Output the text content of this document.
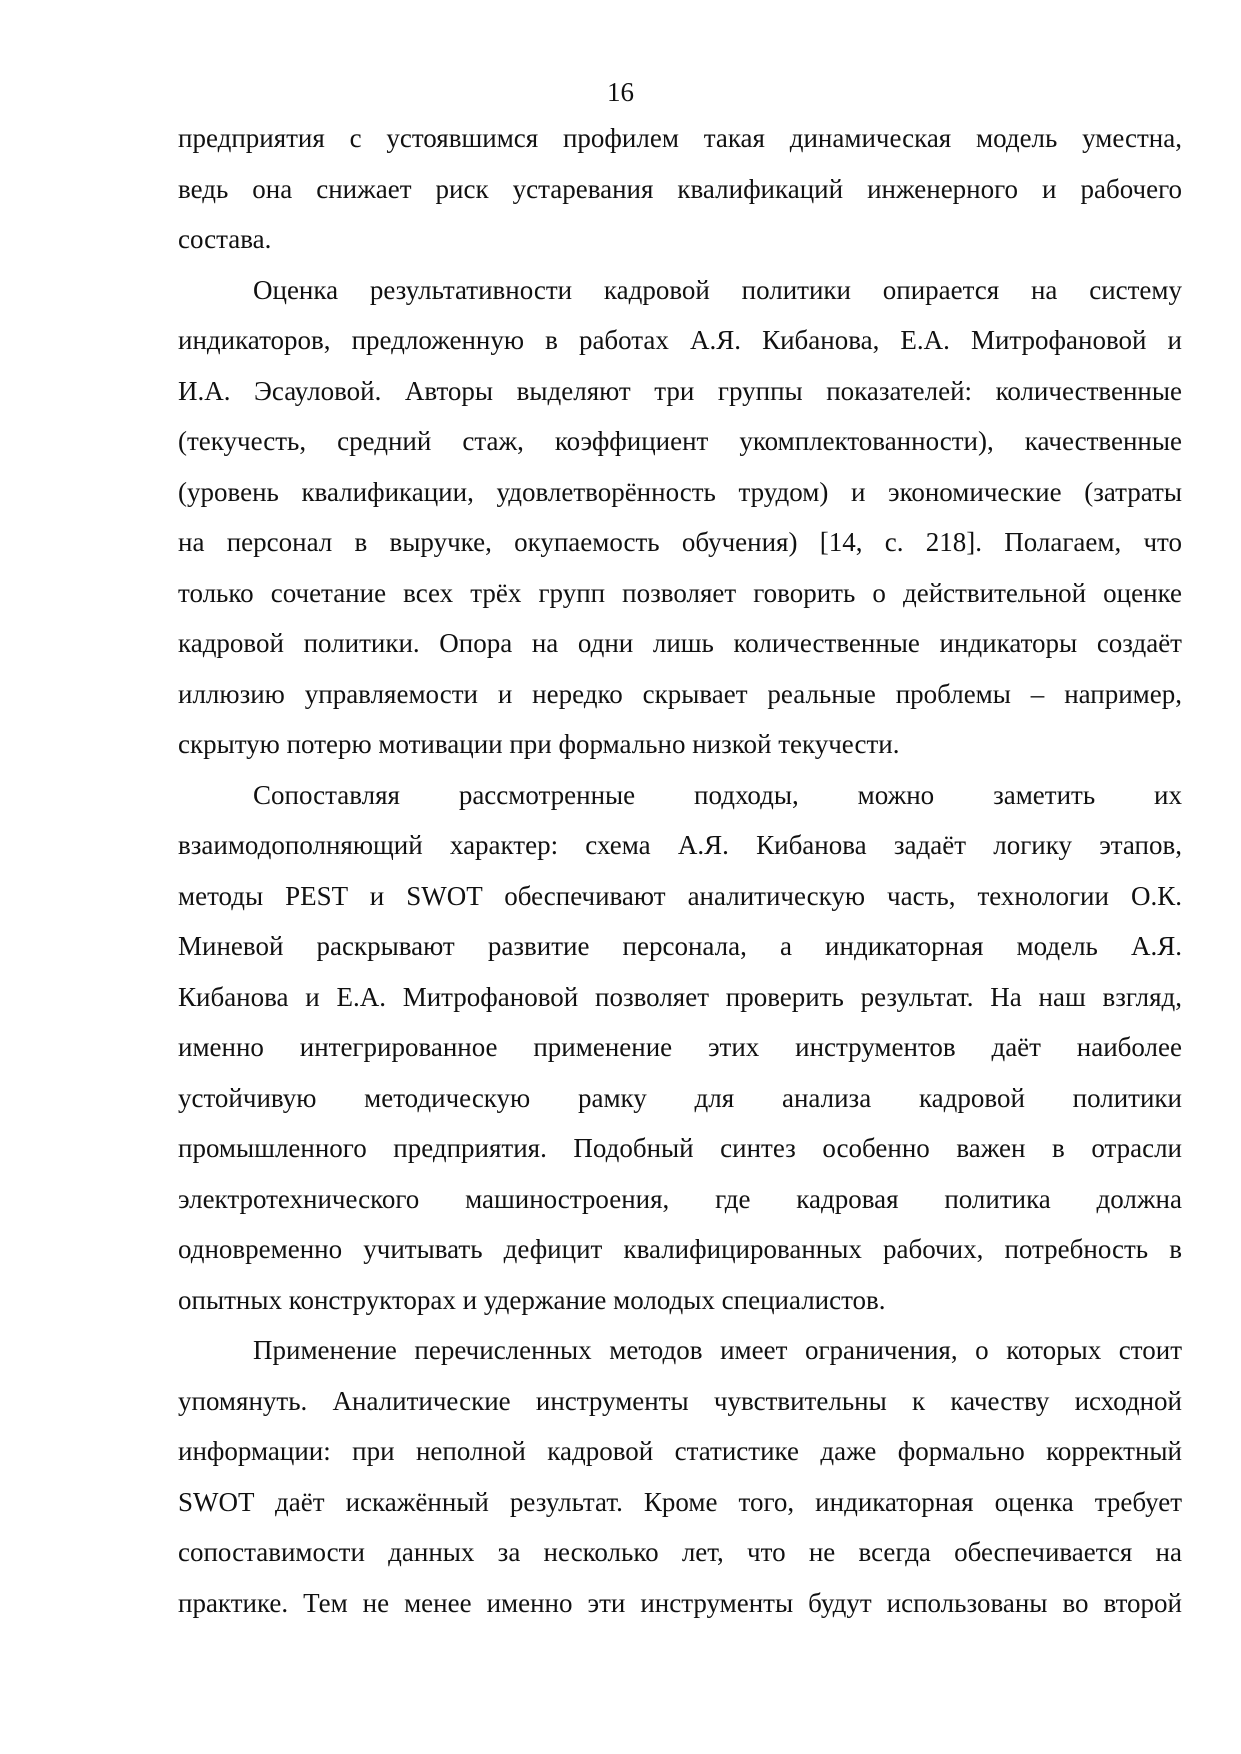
16
предприятия с устоявшимся профилем такая динамическая модель уместна,
ведь она снижает риск устаревания квалификаций инженерного и рабочего
состава.
Оценка результативности кадровой политики опирается на систему
индикаторов, предложенную в работах А.Я. Кибанова, Е.А. Митрофановой и
И.А. Эсауловой. Авторы выделяют три группы показателей: количественные
(текучесть, средний стаж, коэффициент укомплектованности), качественные
(уровень квалификации, удовлетворённость трудом) и экономические (затраты
на персонал в выручке, окупаемость обучения) [14, с. 218]. Полагаем, что
только сочетание всех трёх групп позволяет говорить о действительной оценке
кадровой политики. Опора на одни лишь количественные индикаторы создаёт
иллюзию управляемости и нередко скрывает реальные проблемы – например,
скрытую потерю мотивации при формально низкой текучести.
Сопоставляя рассмотренные подходы, можно заметить их
взаимодополняющий характер: схема А.Я. Кибанова задаёт логику этапов,
методы PEST и SWOT обеспечивают аналитическую часть, технологии О.К.
Миневой раскрывают развитие персонала, а индикаторная модель А.Я.
Кибанова и Е.А. Митрофановой позволяет проверить результат. На наш взгляд,
именно интегрированное применение этих инструментов даёт наиболее
устойчивую методическую рамку для анализа кадровой политики
промышленного предприятия. Подобный синтез особенно важен в отрасли
электротехнического машиностроения, где кадровая политика должна
одновременно учитывать дефицит квалифицированных рабочих, потребность в
опытных конструкторах и удержание молодых специалистов.
Применение перечисленных методов имеет ограничения, о которых стоит
упомянуть. Аналитические инструменты чувствительны к качеству исходной
информации: при неполной кадровой статистике даже формально корректный
SWOT даёт искажённый результат. Кроме того, индикаторная оценка требует
сопоставимости данных за несколько лет, что не всегда обеспечивается на
практике. Тем не менее именно эти инструменты будут использованы во второй
